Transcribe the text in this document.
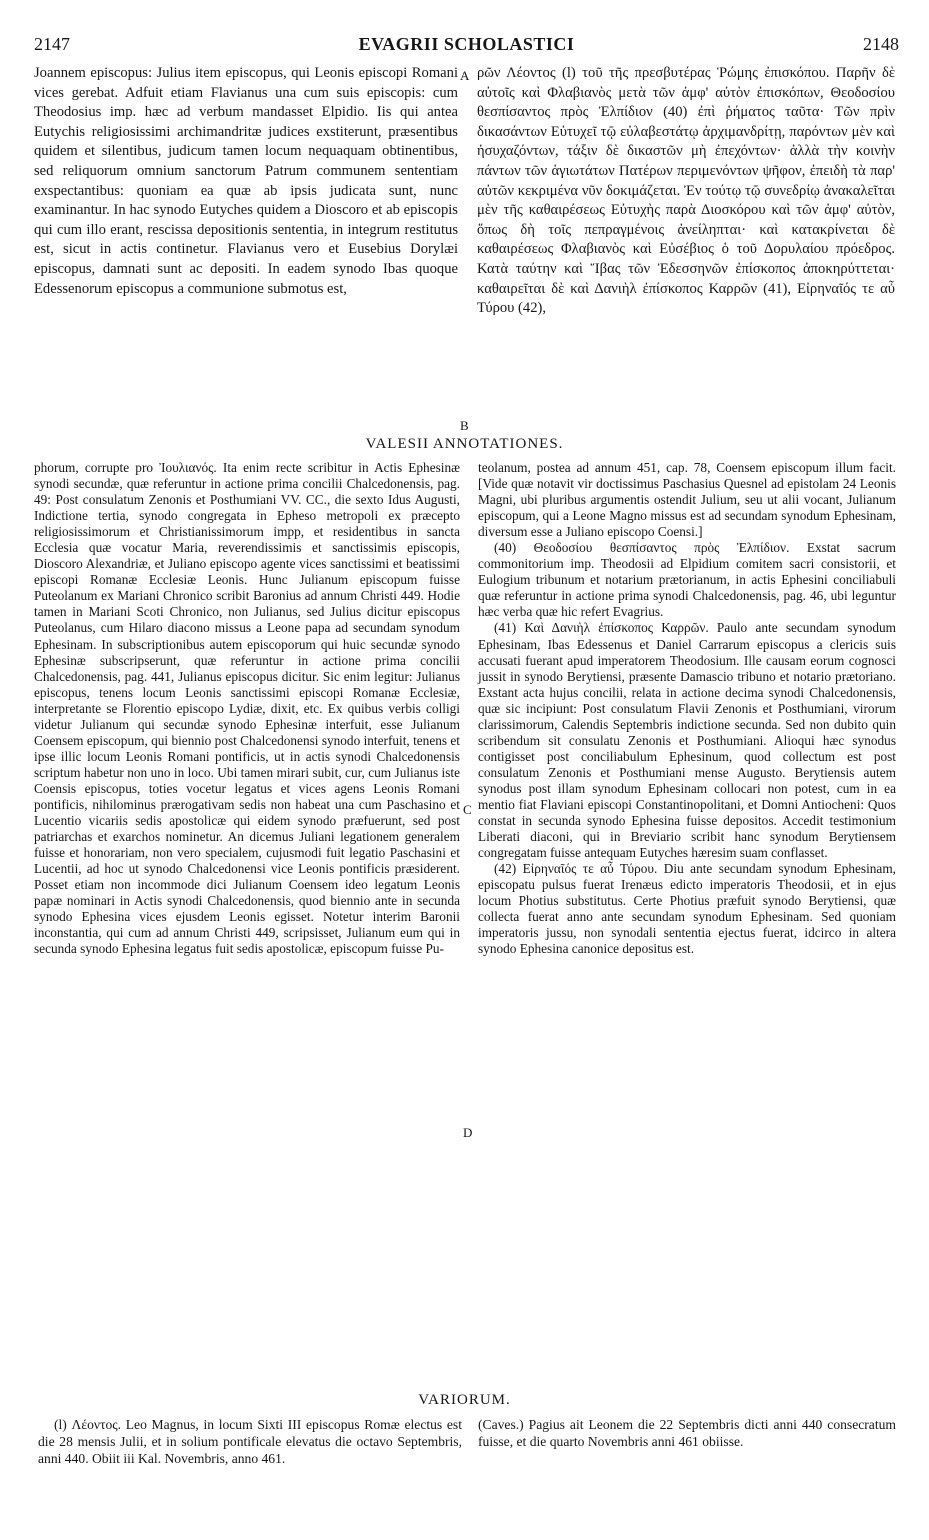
2147	EVAGRII SCHOLASTICI	2148

Joannem episcopus: Julius item episcopus, qui Leonis episcopi Romani vices gerebat. Adfuit etiam Flavianus una cum suis episcopis: cum Theodosius imp. hæc ad verbum mandasset Elpidio. Iis qui antea Eutychis religiosissimi archimandritæ judices exstiterunt, præsentibus quidem et silentibus, judicum tamen locum nequaquam obtinentibus, sed reliquorum omnium sanctorum Patrum communem sententiam exspectantibus: quoniam ea quæ ab ipsis judicata sunt, nunc examinantur. In hac synodo Eutyches quidem a Dioscoro et ab episcopis qui cum illo erant, rescissa depositionis sententia, in integrum restitutus est, sicut in actis continetur. Flavianus vero et Eusebius Dorylæi episcopus, damnati sunt ac depositi. In eadem synodo Ibas quoque Edessenorum episcopus a communione submotus est,

A
B

ρῶν Λέοντος (l) τοῦ τῆς πρεσβυτέρας Ῥώμης ἐπισκόπου. Παρῆν δὲ αὐτοῖς καὶ Φλαβιανὸς μετὰ τῶν ἀμφ' αὐτὸν ἐπισκόπων, Θεοδοσίου θεσπίσαντος πρὸς Ἐλπίδιον (40) ἐπὶ ῥήματος ταῦτα· Τῶν πρὶν δικασάντων Εὐτυχεῖ τῷ εὐλαβεστάτῳ ἀρχιμανδρίτῃ, παρόντων μὲν καὶ ἡσυχαζόντων, τάξιν δὲ δικαστῶν μὴ ἐπεχόντων· ἀλλὰ τὴν κοινὴν πάντων τῶν ἁγιωτάτων Πατέρων περιμενόντων ψῆφον, ἐπειδὴ τὰ παρ' αὐτῶν κεκριμένα νῦν δοκιμάζεται. Ἐν τούτῳ τῷ συνεδρίῳ ἀνακαλεῖται μὲν τῆς καθαιρέσεως Εὐτυχὴς παρὰ Διοσκόρου καὶ τῶν ἀμφ' αὐτὸν, ὅπως δὴ τοῖς πεπραγμένοις ἀνείληπται· καὶ κατακρίνεται δὲ καθαιρέσεως Φλαβιανὸς καὶ Εὐσέβιος ὁ τοῦ Δορυλαίου πρόεδρος. Κατὰ ταύτην καὶ Ἴβας τῶν Ἐδεσσηνῶν ἐπίσκοπος ἀποκηρύττεται· καθαιρεῖται δὲ καὶ Δανιὴλ ἐπίσκοπος Καρρῶν (41), Εἰρηναῖός τε αὖ Τύρου (42),

VALESII ANNOTATIONES.

phorum, corrupte pro Ἰουλιανός. Ita enim recte scribitur in Actis Ephesinæ synodi secundæ, quæ referuntur in actione prima concilii Chalcedonensis, pag. 49: Post consulatum Zenonis et Posthumiani VV. CC., die sexto Idus Augusti, Indictione tertia, synodo congregata in Epheso metropoli ex præcepto religiosissimorum et Christianissimorum impp, et residentibus in sancta Ecclesia quæ vocatur Maria, reverendissimis et sanctissimis episcopis, Dioscoro Alexandriæ, et Juliano episcopo agente vices sanctissimi et beatissimi episcopi Romanæ Ecclesiæ Leonis. Hunc Julianum episcopum fuisse Puteolanum ex Mariani Chronico scribit Baronius ad annum Christi 449. Hodie tamen in Mariani Scoti Chronico, non Julianus, sed Julius dicitur episcopus Puteolanus, cum Hilaro diacono missus a Leone papa ad secundam synodum Ephesinam. In subscriptionibus autem episcoporum qui huic secundæ synodo Ephesinæ subscripserunt, quæ referuntur in actione prima concilii Chalcedonensis, pag. 441, Julianus episcopus dicitur. Sic enim legitur: Julianus episcopus, tenens locum Leonis sanctissimi episcopi Romanæ Ecclesiæ, interpretante se Florentio episcopo Lydiæ, dixit, etc. Ex quibus verbis colligi videtur Julianum qui secundæ synodo Ephesinæ interfuit, esse Julianum Coensem episcopum, qui biennio post Chalcedonensi synodo interfuit, tenens et ipse illic locum Leonis Romani pontificis, ut in actis synodi Chalcedonensis scriptum habetur non uno in loco. Ubi tamen mirari subit, cur, cum Julianus iste Coensis episcopus, toties vocetur legatus et vices agens Leonis Romani pontificis, nihilominus prærogativam sedis non habeat una cum Paschasino et Lucentio vicariis sedis apostolicæ qui eidem synodo præfuerunt, sed post patriarchas et exarchos nominetur. An dicemus Juliani legationem generalem fuisse et honorariam, non vero specialem, cujusmodi fuit legatio Paschasini et Lucentii, ad hoc ut synodo Chalcedonensi vice Leonis pontificis præsiderent. Posset etiam non incommode dici Julianum Coensem ideo legatum Leonis papæ nominari in Actis synodi Chalcedonensis, quod biennio ante in secunda synodo Ephesina vices ejusdem Leonis egisset. Notetur interim Baronii inconstantia, qui cum ad annum Christi 449, scripsisset, Julianum eum qui in secunda synodo Ephesina legatus fuit sedis apostolicæ, episcopum fuisse Pu-

C
D

teolanum, postea ad annum 451, cap. 78, Coensem episcopum illum facit. [Vide quæ notavit vir doctissimus Paschasius Quesnel ad epistolam 24 Leonis Magni, ubi pluribus argumentis ostendit Julium, seu ut alii vocant, Julianum episcopum, qui a Leone Magno missus est ad secundam synodum Ephesinam, diversum esse a Juliano episcopo Coensi.]

(40) Θεοδοσίου θεσπίσαντος πρὸς Ἐλπίδιον. Exstat sacrum commonitorium imp. Theodosii ad Elpidium comitem sacri consistorii, et Eulogium tribunum et notarium prætorianum, in actis Ephesini conciliabuli quæ referuntur in actione prima synodi Chalcedonensis, pag. 46, ubi leguntur hæc verba quæ hic refert Evagrius.

(41) Καὶ Δανιὴλ ἐπίσκοπος Καρρῶν. Paulo ante secundam synodum Ephesinam, Ibas Edessenus et Daniel Carrarum episcopus a clericis suis accusati fuerant apud imperatorem Theodosium. Ille causam eorum cognosci jussit in synodo Berytiensi, præsente Damascio tribuno et notario prætoriano. Exstant acta hujus concilii, relata in actione decima synodi Chalcedonensis, quæ sic incipiunt: Post consulatum Flavii Zenonis et Posthumiani, virorum clarissimorum, Calendis Septembris indictione secunda. Sed non dubito quin scribendum sit consulatu Zenonis et Posthumiani. Alioqui hæc synodus contigisset post conciliabulum Ephesinum, quod collectum est post consulatum Zenonis et Posthumiani mense Augusto. Berytiensis autem synodus post illam synodum Ephesinam collocari non potest, cum in ea mentio fiat Flaviani episcopi Constantinopolitani, et Domni Antiocheni: Quos constat in secunda synodo Ephesina fuisse depositos. Accedit testimonium Liberati diaconi, qui in Breviario scribit hanc synodum Berytiensem congregatam fuisse antequam Eutyches hæresim suam conflasset.

(42) Εἰρηναῖός τε αὖ Τύρου. Diu ante secundam synodum Ephesinam, episcopatu pulsus fuerat Irenæus edicto imperatoris Theodosii, et in ejus locum Photius substitutus. Certe Photius præfuit synodo Berytiensi, quæ collecta fuerat anno ante secundam synodum Ephesinam. Sed quoniam imperatoris jussu, non synodali sententia ejectus fuerat, idcirco in altera synodo Ephesina canonice depositus est.

VARIORUM.

(l) Λέοντος. Leo Magnus, in locum Sixti III episcopus Romæ electus est die 28 mensis Julii, et in solium pontificale elevatus die octavo Septembris, anni 440. Obiit iii Kal. Novembris, anno 461.

(Caves.) Pagius ait Leonem die 22 Septembris dicti anni 440 consecratum fuisse, et die quarto Novembris anni 461 obiisse.
